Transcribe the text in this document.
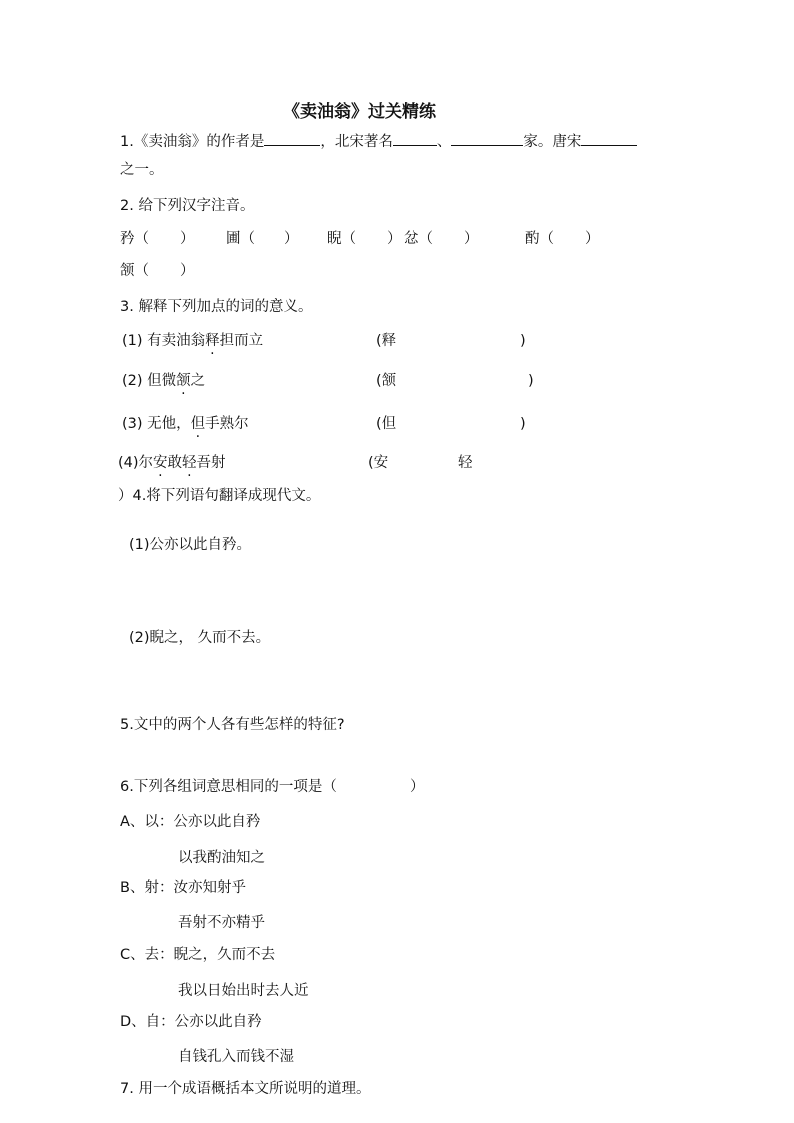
《卖油翁》过关精练
1.《卖油翁》的作者是	，北宋著名	、	家。唐宋
之一。
2. 给下列汉字注音。
矜（ ） 圃（ ） 睨（ ） 忿（ ）	酌（ ）
颔（ ）
3. 解释下列加点的词的意义。
(1) 有卖油翁释担而立	(释	)
(2) 但微颔之	(颔	)
(3) 无他，但手熟尔	(但	)
(4)尔安敢轻吾射	(安	轻
）4.将下列语句翻译成现代文。
(1)公亦以此自矜。
(2)睨之， 久而不去。
5.文中的两个人各有些怎样的特征?
6.下列各组词意思相同的一项是（	）
A、以：公亦以此自矜
以我酌油知之
B、射：汝亦知射乎
吾射不亦精乎
C、去：睨之，久而不去
我以日始出时去人近
D、自：公亦以此自矜
自钱孔入而钱不湿
7. 用一个成语概括本文所说明的道理。
